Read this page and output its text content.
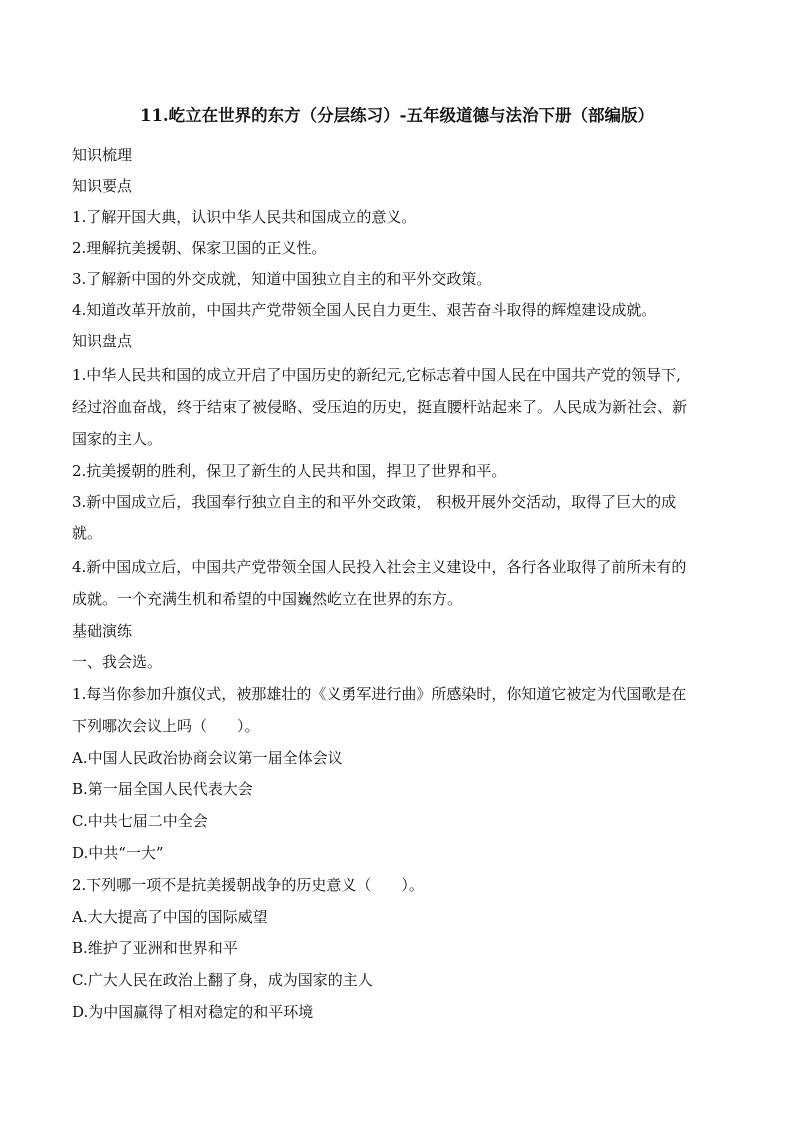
11.屹立在世界的东方（分层练习）-五年级道德与法治下册（部编版）
知识梳理
知识要点
1.了解开国大典，认识中华人民共和国成立的意义。
2.理解抗美援朝、保家卫国的正义性。
3.了解新中国的外交成就，知道中国独立自主的和平外交政策。
4.知道改革开放前，中国共产党带领全国人民自力更生、艰苦奋斗取得的辉煌建设成就。
知识盘点
1.中华人民共和国的成立开启了中国历史的新纪元,它标志着中国人民在中国共产党的领导下,
经过浴血奋战，终于结束了被侵略、受压迫的历史，挺直腰杆站起来了。人民成为新社会、新
国家的主人。
2.抗美援朝的胜利，保卫了新生的人民共和国，捍卫了世界和平。
3.新中国成立后，我国奉行独立自主的和平外交政策， 积极开展外交活动，取得了巨大的成
就。
4.新中国成立后，中国共产党带领全国人民投入社会主义建设中，各行各业取得了前所未有的
成就。一个充满生机和希望的中国巍然屹立在世界的东方。
基础演练
一、我会选。
1.每当你参加升旗仪式，被那雄壮的《义勇军进行曲》所感染时，你知道它被定为代国歌是在
下列哪次会议上吗（　　）。
A.中国人民政治协商会议第一届全体会议
B.第一届全国人民代表大会
C.中共七届二中全会
D.中共“一大”
2.下列哪一项不是抗美援朝战争的历史意义（　　）。
A.大大提高了中国的国际威望
B.维护了亚洲和世界和平
C.广大人民在政治上翻了身，成为国家的主人
D.为中国赢得了相对稳定的和平环境
